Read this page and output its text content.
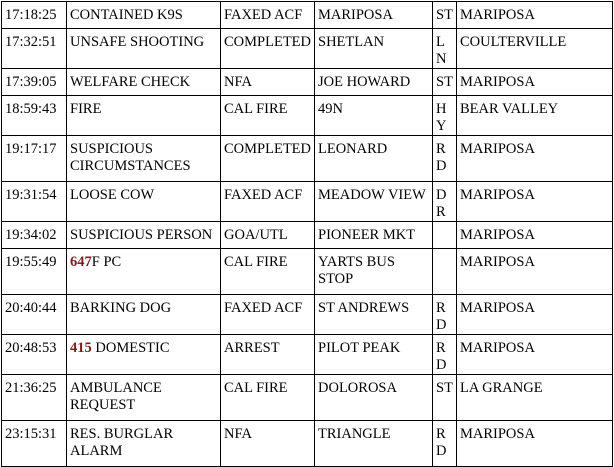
17:18:25	CONTAINED K9S	FAXED ACF	MARIPOSA	ST	MARIPOSA
17:32:51	UNSAFE SHOOTING	COMPLETED	SHETLAN	LN	COULTERVILLE
17:39:05	WELFARE CHECK	NFA	JOE HOWARD	ST	MARIPOSA
18:59:43	FIRE	CAL FIRE	49N	HY	BEAR VALLEY
19:17:17	SUSPICIOUS CIRCUMSTANCES	COMPLETED	LEONARD	RD	MARIPOSA
19:31:54	LOOSE COW	FAXED ACF	MEADOW VIEW	DR	MARIPOSA
19:34:02	SUSPICIOUS PERSON	GOA/UTL	PIONEER MKT		MARIPOSA
19:55:49	647F PC	CAL FIRE	YARTS BUS STOP		MARIPOSA
20:40:44	BARKING DOG	FAXED ACF	ST ANDREWS	RD	MARIPOSA
20:48:53	415 DOMESTIC	ARREST	PILOT PEAK	RD	MARIPOSA
21:36:25	AMBULANCE REQUEST	CAL FIRE	DOLOROSA	ST	LA GRANGE
23:15:31	RES. BURGLAR ALARM	NFA	TRIANGLE	RD	MARIPOSA
